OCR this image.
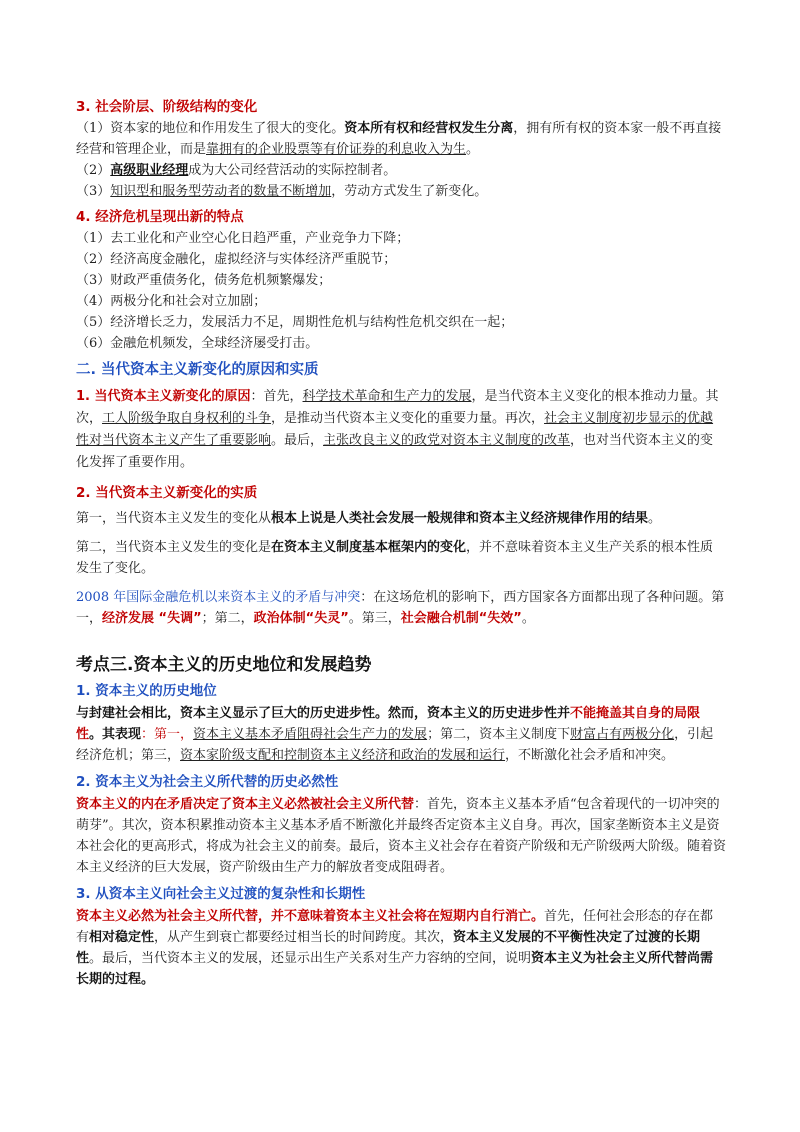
3. 社会阶层、阶级结构的变化

（1）资本家的地位和作用发生了很大的变化。资本所有权和经营权发生分离，拥有所有权的资本家一般不再直接经营和管理企业，而是靠拥有的企业股票等有价证券的利息收入为生。

（2）高级职业经理成为大公司经营活动的实际控制者。

（3）知识型和服务型劳动者的数量不断增加，劳动方式发生了新变化。

4. 经济危机呈现出新的特点

（1）去工业化和产业空心化日趋严重，产业竞争力下降；

（2）经济高度金融化，虚拟经济与实体经济严重脱节；

（3）财政严重债务化，债务危机频繁爆发；

（4）两极分化和社会对立加剧；

（5）经济增长乏力，发展活力不足，周期性危机与结构性危机交织在一起；

（6）金融危机频发，全球经济屡受打击。

二. 当代资本主义新变化的原因和实质

1. 当代资本主义新变化的原因：首先，科学技术革命和生产力的发展，是当代资本主义变化的根本推动力量。其次，工人阶级争取自身权利的斗争，是推动当代资本主义变化的重要力量。再次，社会主义制度初步显示的优越性对当代资本主义产生了重要影响。最后，主张改良主义的政党对资本主义制度的改革，也对当代资本主义的变化发挥了重要作用。

2. 当代资本主义新变化的实质

第一，当代资本主义发生的变化从根本上说是人类社会发展一般规律和资本主义经济规律作用的结果。

第二，当代资本主义发生的变化是在资本主义制度基本框架内的变化，并不意味着资本主义生产关系的根本性质发生了变化。

2008 年国际金融危机以来资本主义的矛盾与冲突：在这场危机的影响下，西方国家各方面都出现了各种问题。第一，经济发展 “失调”；第二，政治体制“失灵”。第三，社会融合机制“失效”。

考点三.资本主义的历史地位和发展趋势

1. 资本主义的历史地位

与封建社会相比，资本主义显示了巨大的历史进步性。然而，资本主义的历史进步性并不能掩盖其自身的局限性。其表现：第一，资本主义基本矛盾阻碍社会生产力的发展；第二，资本主义制度下财富占有两极分化，引起经济危机；第三，资本家阶级支配和控制资本主义经济和政治的发展和运行，不断激化社会矛盾和冲突。

2. 资本主义为社会主义所代替的历史必然性

资本主义的内在矛盾决定了资本主义必然被社会主义所代替：首先，资本主义基本矛盾“包含着现代的一切冲突的萌芽”。其次，资本积累推动资本主义基本矛盾不断激化并最终否定资本主义自身。再次，国家垄断资本主义是资本社会化的更高形式，将成为社会主义的前奏。最后，资本主义社会存在着资产阶级和无产阶级两大阶级。随着资本主义经济的巨大发展，资产阶级由生产力的解放者变成阻碍者。

3. 从资本主义向社会主义过渡的复杂性和长期性

资本主义必然为社会主义所代替，并不意味着资本主义社会将在短期内自行消亡。首先，任何社会形态的存在都有相对稳定性，从产生到衰亡都要经过相当长的时间跨度。其次，资本主义发展的不平衡性决定了过渡的长期性。最后，当代资本主义的发展，还显示出生产关系对生产力容纳的空间，说明资本主义为社会主义所代替尚需长期的过程。
